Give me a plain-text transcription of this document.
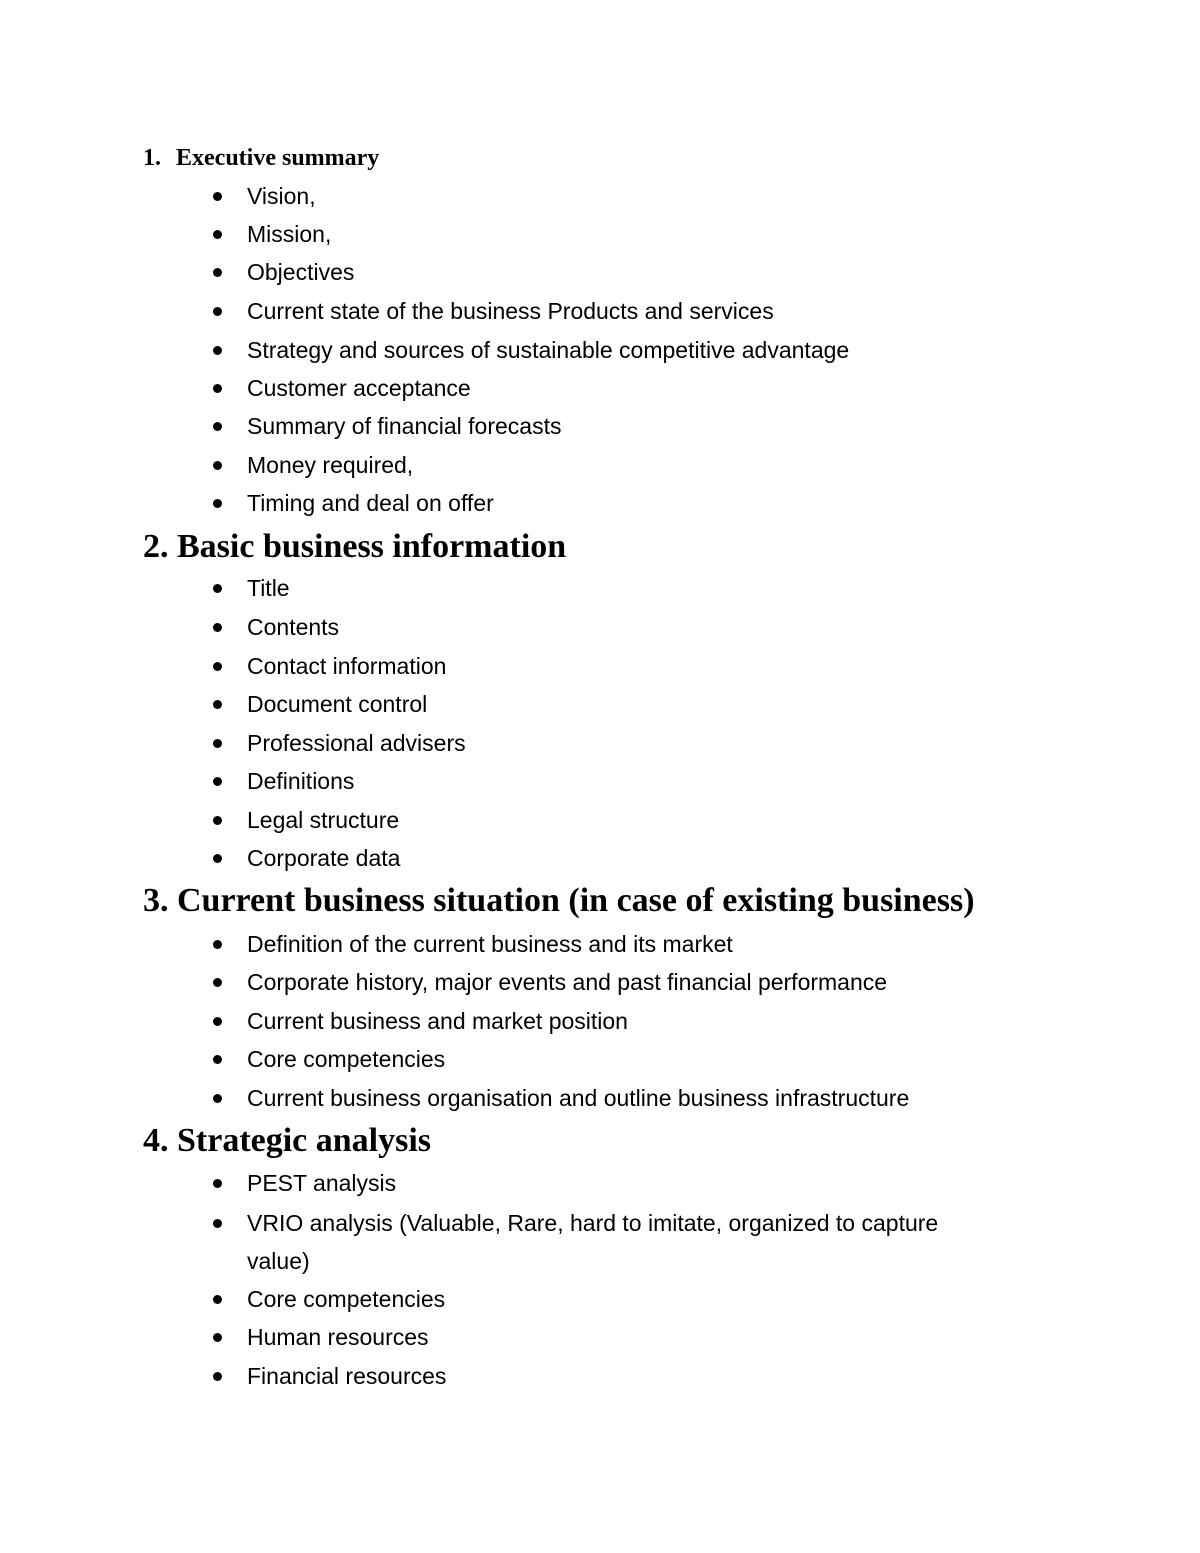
1. Executive summary
Vision,
Mission,
Objectives
Current state of the business Products and services
Strategy and sources of sustainable competitive advantage
Customer acceptance
Summary of financial forecasts
Money required,
Timing and deal on offer
2. Basic business information
Title
Contents
Contact information
Document control
Professional advisers
Definitions
Legal structure
Corporate data
3. Current business situation (in case of existing business)
Definition of the current business and its market
Corporate history, major events and past financial performance
Current business and market position
Core competencies
Current business organisation and outline business infrastructure
4. Strategic analysis
PEST analysis
VRIO analysis (Valuable, Rare, hard to imitate, organized to capture value)
Core competencies
Human resources
Financial resources
